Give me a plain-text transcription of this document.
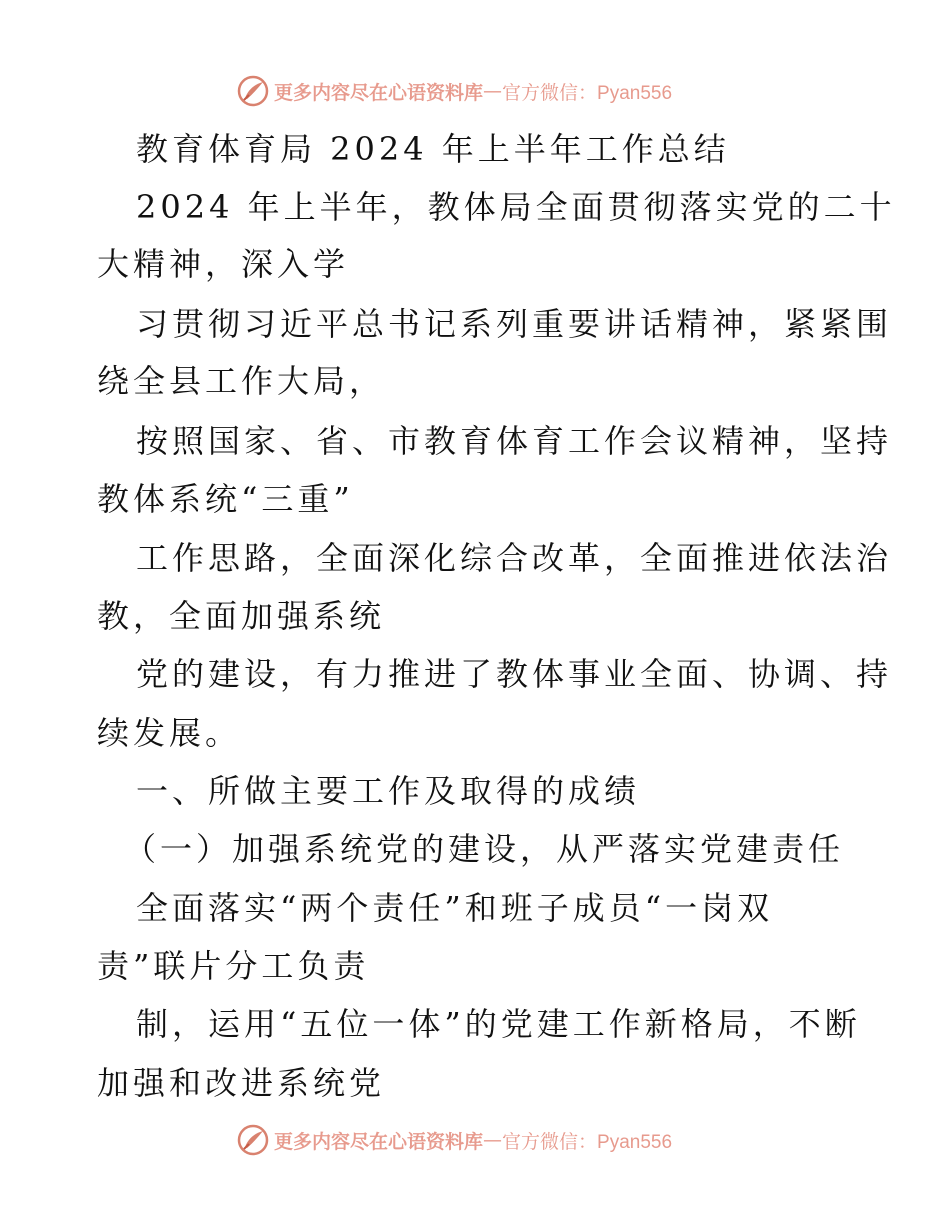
更多内容尽在心语资料库 — 官方微信：Pyan556
教育体育局 2024 年上半年工作总结
2024 年上半年，教体局全面贯彻落实党的二十
大精神，深入学
习贯彻习近平总书记系列重要讲话精神，紧紧围
绕全县工作大局，
按照国家、省、市教育体育工作会议精神，坚持
教体系统“三重”
工作思路，全面深化综合改革，全面推进依法治
教，全面加强系统
党的建设，有力推进了教体事业全面、协调、持
续发展。
一、所做主要工作及取得的成绩
（一）加强系统党的建设，从严落实党建责任
全面落实“两个责任”和班子成员“一岗双
责”联片分工负责
制，运用“五位一体”的党建工作新格局，不断
加强和改进系统党
更多内容尽在心语资料库 — 官方微信：Pyan556
